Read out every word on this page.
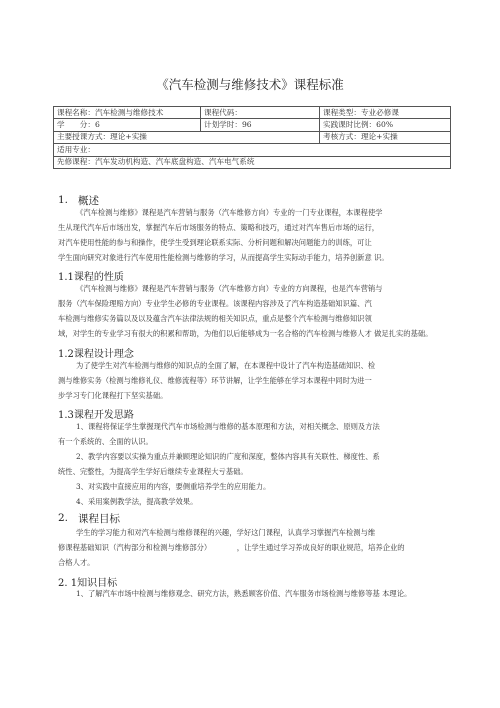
《汽车检测与维修技术》课程标准
课程名称：汽车检测与维修技术	课程代码：	课程类型：专业必修课
学　　分：6	计划学时：96	实践课时比例：60%
主要授课方式：理论+实操		考核方式：理论+实操
适用专业：		
先修课程：汽车发动机构造、汽车底盘构造、汽车电气系统		
1. 概述
《汽车检测与维修》课程是汽车营销与服务（汽车维修方向）专业的一门专业课程，本课程使学
生从现代汽车后市场出发，掌握汽车后市场服务的特点、策略和技巧，通过对汽车售后市场的运行，
对汽车使用性能的参与和操作，使学生受到理论联系实际、分析问题和解决问题能力的训练，可让
学生面向研究对象进行汽车使用性能检测与维修的学习，从而提高学生实际动手能力，培养创新意 识。
1.1课程的性质
《汽车检测与维修》课程是汽车营销与服务（汽车维修方向）专业的方向课程，也是汽车营销与
服务（汽车保险理赔方向）专业学生必修的专业课程。该课程内容涉及了汽车构造基础知识篇、汽
车检测与维修实务篇以及以及蕴含汽车法律法规的相关知识点，重点是整个汽车检测与维修知识领
域，对学生的专业学习有很大的积累和帮助，为他们以后能够成为一名合格的汽车检测与维修人才 做足扎实的基础。
1.2课程设计理念
为了使学生对汽车检测与维修的知识点的全面了解，在本课程中设计了汽车构造基础知识、检
测与维修实务（检测与维修礼仪、维修流程等）环节讲解，让学生能够在学习本课程中同时为进一
步学习专门化课程打下坚实基础。
1.3课程开发思路
1、课程将保证学生掌握现代汽车市场检测与维修的基本原理和方法，对相关概念、原则及方法
有一个系统的、全面的认识。
2、教学内容要以实操为重点并兼顾理论知识的广度和深度，整体内容具有关联性、梯度性、系
统性、完整性，为提高学生学好后继续专业课程大亏基础。
3、对实践中直接应用的内容，要侧重培养学生的应用能力。
4、采用案例教学法，提高教学效果。
2. 课程目标
学生的学习能力和对汽车检测与维修课程的兴趣，学好这门课程，认真学习掌握汽车检测与维
修课程基础知识（汽构部分和检测与维修部分）　　　　，让学生通过学习养成良好的职业规范，培养企业的
合格人才。
2. 1知识目标
1、了解汽车市场中检测与维修观念、研究方法，熟悉顾客价值、汽车服务市场检测与维修等基 本理论。
